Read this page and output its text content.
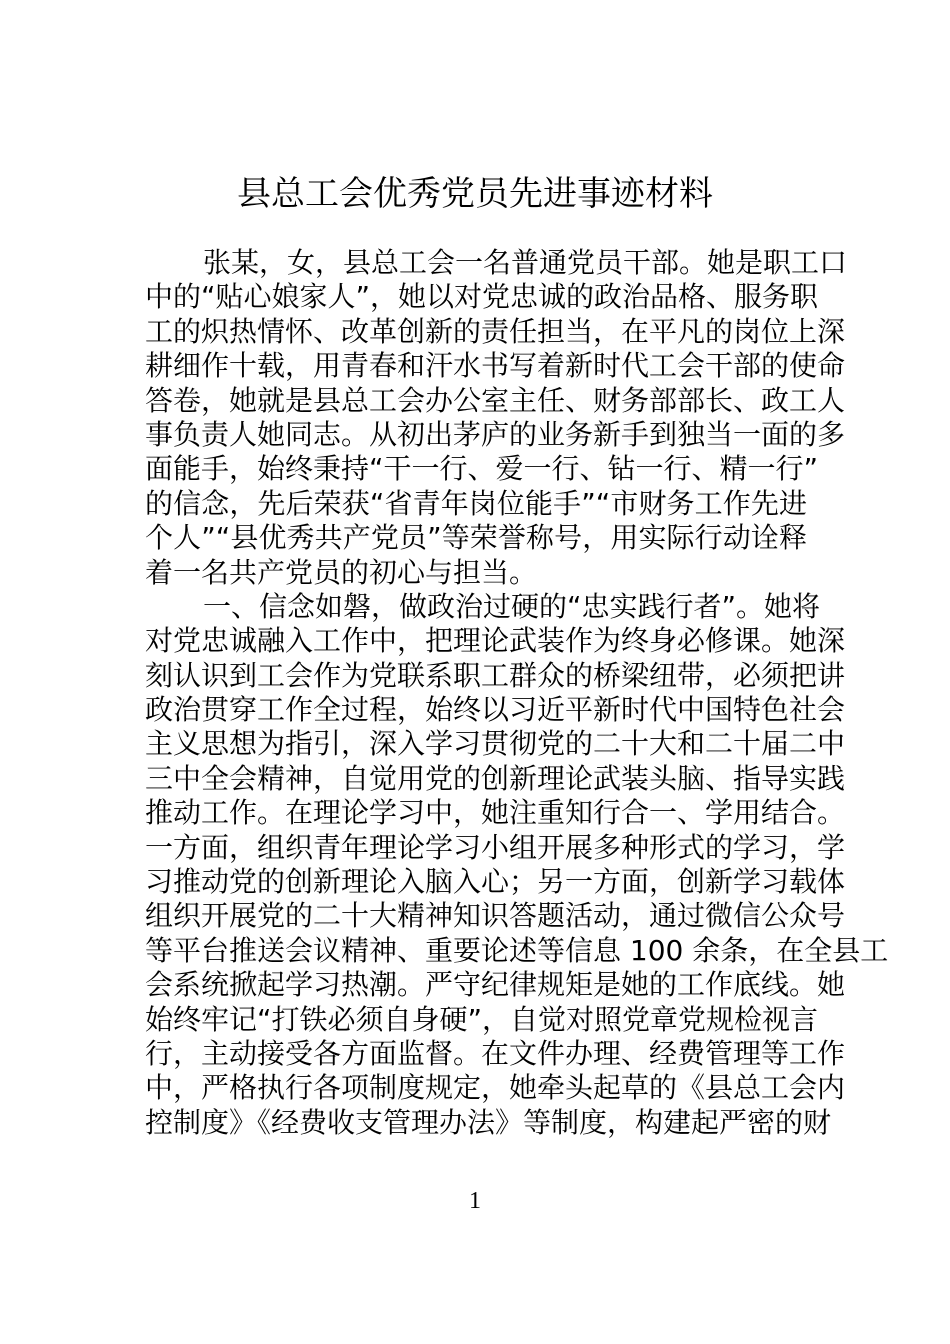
县总工会优秀党员先进事迹材料
张某，女，县总工会一名普通党员干部。她是职工口
中的“贴心娘家人”，她以对党忠诚的政治品格、服务职
工的炽热情怀、改革创新的责任担当，在平凡的岗位上深
耕细作十载，用青春和汗水书写着新时代工会干部的使命
答卷，她就是县总工会办公室主任、财务部部长、政工人
事负责人她同志。从初出茅庐的业务新手到独当一面的多
面能手，始终秉持“干一行、爱一行、钻一行、精一行”
的信念，先后荣获“省青年岗位能手”“市财务工作先进
个人”“县优秀共产党员”等荣誉称号，用实际行动诠释
着一名共产党员的初心与担当。
一、信念如磐，做政治过硬的“忠实践行者”。她将
对党忠诚融入工作中，把理论武装作为终身必修课。她深
刻认识到工会作为党联系职工群众的桥梁纽带，必须把讲
政治贯穿工作全过程，始终以习近平新时代中国特色社会
主义思想为指引，深入学习贯彻党的二十大和二十届二中
三中全会精神，自觉用党的创新理论武装头脑、指导实践
推动工作。在理论学习中，她注重知行合一、学用结合。
一方面，组织青年理论学习小组开展多种形式的学习，学
习推动党的创新理论入脑入心；另一方面，创新学习载体
组织开展党的二十大精神知识答题活动，通过微信公众号
等平台推送会议精神、重要论述等信息 100 余条，在全县工
会系统掀起学习热潮。严守纪律规矩是她的工作底线。她
始终牢记“打铁必须自身硬”，自觉对照党章党规检视言
行，主动接受各方面监督。在文件办理、经费管理等工作
中，严格执行各项制度规定，她牵头起草的《县总工会内
控制度》《经费收支管理办法》等制度，构建起严密的财
1
